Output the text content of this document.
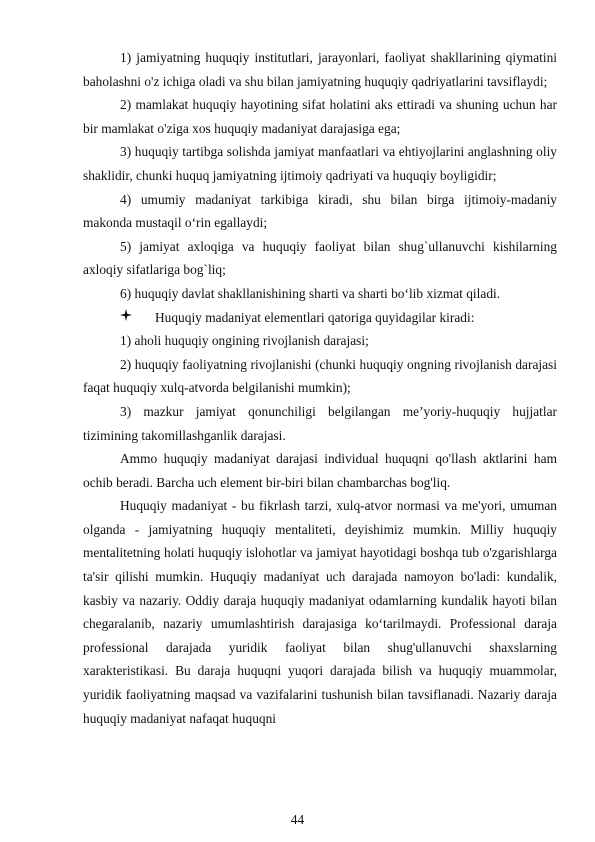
1) jamiyatning huquqiy institutlari, jarayonlari, faoliyat shakllarining qiymatini baholashni o'z ichiga oladi va shu bilan jamiyatning huquqiy qadriyatlarini tavsiflaydi;

2) mamlakat huquqiy hayotining sifat holatini aks ettiradi va shuning uchun har bir mamlakat o'ziga xos huquqiy madaniyat darajasiga ega;

3) huquqiy tartibga solishda jamiyat manfaatlari va ehtiyojlarini anglashning oliy shaklidir, chunki huquq jamiyatning ijtimoiy qadriyati va huquqiy boyligidir;

4) umumiy madaniyat tarkibiga kiradi, shu bilan birga ijtimoiy-madaniy makonda mustaqil o‘rin egallaydi;

5) jamiyat axloqiga va huquqiy faoliyat bilan shug`ullanuvchi kishilarning axloqiy sifatlariga bog`liq;

6) huquqiy davlat shakllanishining sharti va sharti bo‘lib xizmat qiladi.

Huquqiy madaniyat elementlari qatoriga quyidagilar kiradi:

1) aholi huquqiy ongining rivojlanish darajasi;

2) huquqiy faoliyatning rivojlanishi (chunki huquqiy ongning rivojlanish darajasi faqat huquqiy xulq-atvorda belgilanishi mumkin);

3) mazkur jamiyat qonunchiligi belgilangan me’yoriy-huquqiy hujjatlar tizimining takomillashganlik darajasi.

Ammo huquqiy madaniyat darajasi individual huquqni qo'llash aktlarini ham ochib beradi. Barcha uch element bir-biri bilan chambarchas bog'liq.

Huquqiy madaniyat - bu fikrlash tarzi, xulq-atvor normasi va me'yori, umuman olganda - jamiyatning huquqiy mentaliteti, deyishimiz mumkin. Milliy huquqiy mentalitetning holati huquqiy islohotlar va jamiyat hayotidagi boshqa tub o'zgarishlarga ta'sir qilishi mumkin. Huquqiy madaniyat uch darajada namoyon bo'ladi: kundalik, kasbiy va nazariy. Oddiy daraja huquqiy madaniyat odamlarning kundalik hayoti bilan chegaralanib, nazariy umumlashtirish darajasiga ko‘tarilmaydi. Professional daraja professional darajada yuridik faoliyat bilan shug'ullanuvchi shaxslarning xarakteristikasi. Bu daraja huquqni yuqori darajada bilish va huquqiy muammolar, yuridik faoliyatning maqsad va vazifalarini tushunish bilan tavsiflanadi. Nazariy daraja huquqiy madaniyat nafaqat huquqni

44
